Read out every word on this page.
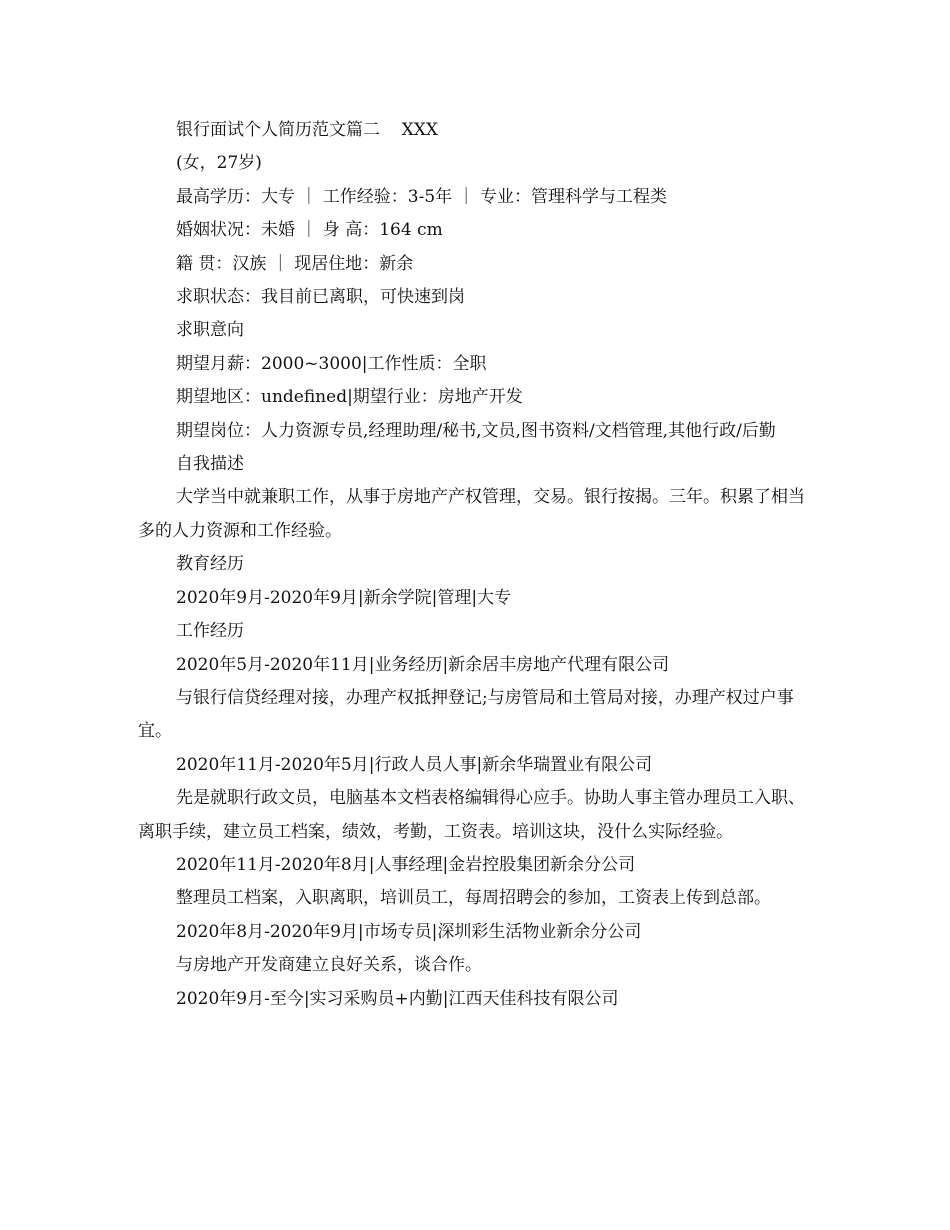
银行面试个人简历范文篇二    XXX
(女，27岁)
最高学历：大专 ｜ 工作经验：3-5年 ｜ 专业：管理科学与工程类
婚姻状况：未婚 ｜ 身 高：164 cm
籍 贯：汉族 ｜ 现居住地：新余
求职状态：我目前已离职，可快速到岗
求职意向
期望月薪：2000~3000|工作性质：全职
期望地区：undefined|期望行业：房地产开发
期望岗位：人力资源专员,经理助理/秘书,文员,图书资料/文档管理,其他行政/后勤
自我描述
大学当中就兼职工作，从事于房地产产权管理，交易。银行按揭。三年。积累了相当多的人力资源和工作经验。
教育经历
2020年9月-2020年9月|新余学院|管理|大专
工作经历
2020年5月-2020年11月|业务经历|新余居丰房地产代理有限公司
与银行信贷经理对接，办理产权抵押登记;与房管局和土管局对接，办理产权过户事宜。
2020年11月-2020年5月|行政人员人事|新余华瑞置业有限公司
先是就职行政文员，电脑基本文档表格编辑得心应手。协助人事主管办理员工入职、离职手续，建立员工档案，绩效，考勤，工资表。培训这块，没什么实际经验。
2020年11月-2020年8月|人事经理|金岩控股集团新余分公司
整理员工档案，入职离职，培训员工，每周招聘会的参加，工资表上传到总部。
2020年8月-2020年9月|市场专员|深圳彩生活物业新余分公司
与房地产开发商建立良好关系，谈合作。
2020年9月-至今|实习采购员+内勤|江西天佳科技有限公司
